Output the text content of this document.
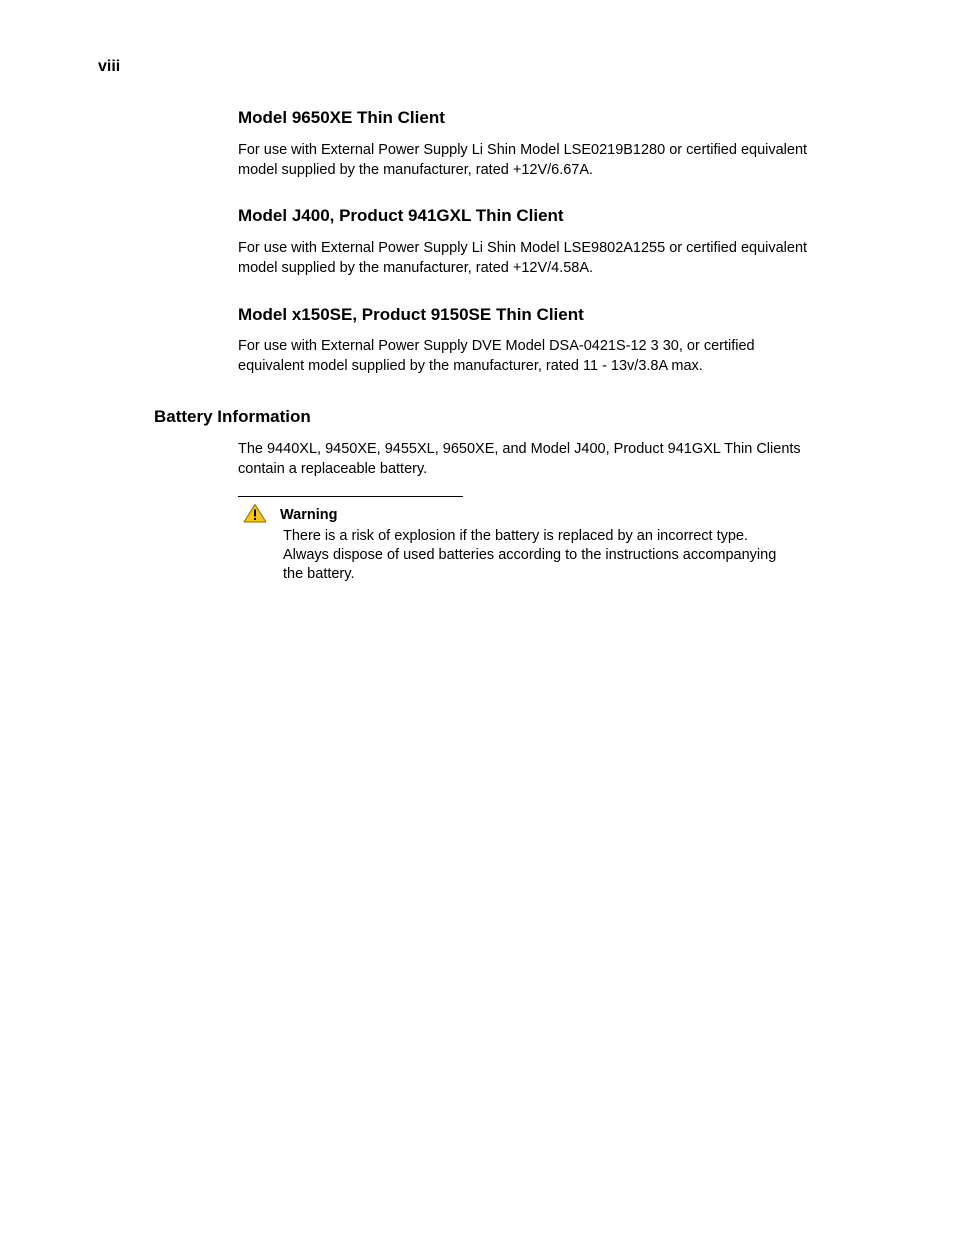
viii
Model 9650XE Thin Client
For use with External Power Supply Li Shin Model LSE0219B1280 or certified equivalent
model supplied by the manufacturer, rated +12V/6.67A.
Model J400, Product 941GXL Thin Client
For use with External Power Supply Li Shin Model LSE9802A1255 or certified equivalent
model supplied by the manufacturer, rated +12V/4.58A.
Model x150SE, Product 9150SE Thin Client
For use with External Power Supply DVE Model DSA-0421S-12 3 30, or certified
equivalent model supplied by the manufacturer, rated 11 - 13v/3.8A max.
Battery Information
The 9440XL, 9450XE, 9455XL, 9650XE, and Model J400, Product 941GXL Thin Clients
contain a replaceable battery.
Warning
There is a risk of explosion if the battery is replaced by an incorrect type.
Always dispose of used batteries according to the instructions accompanying
the battery.
